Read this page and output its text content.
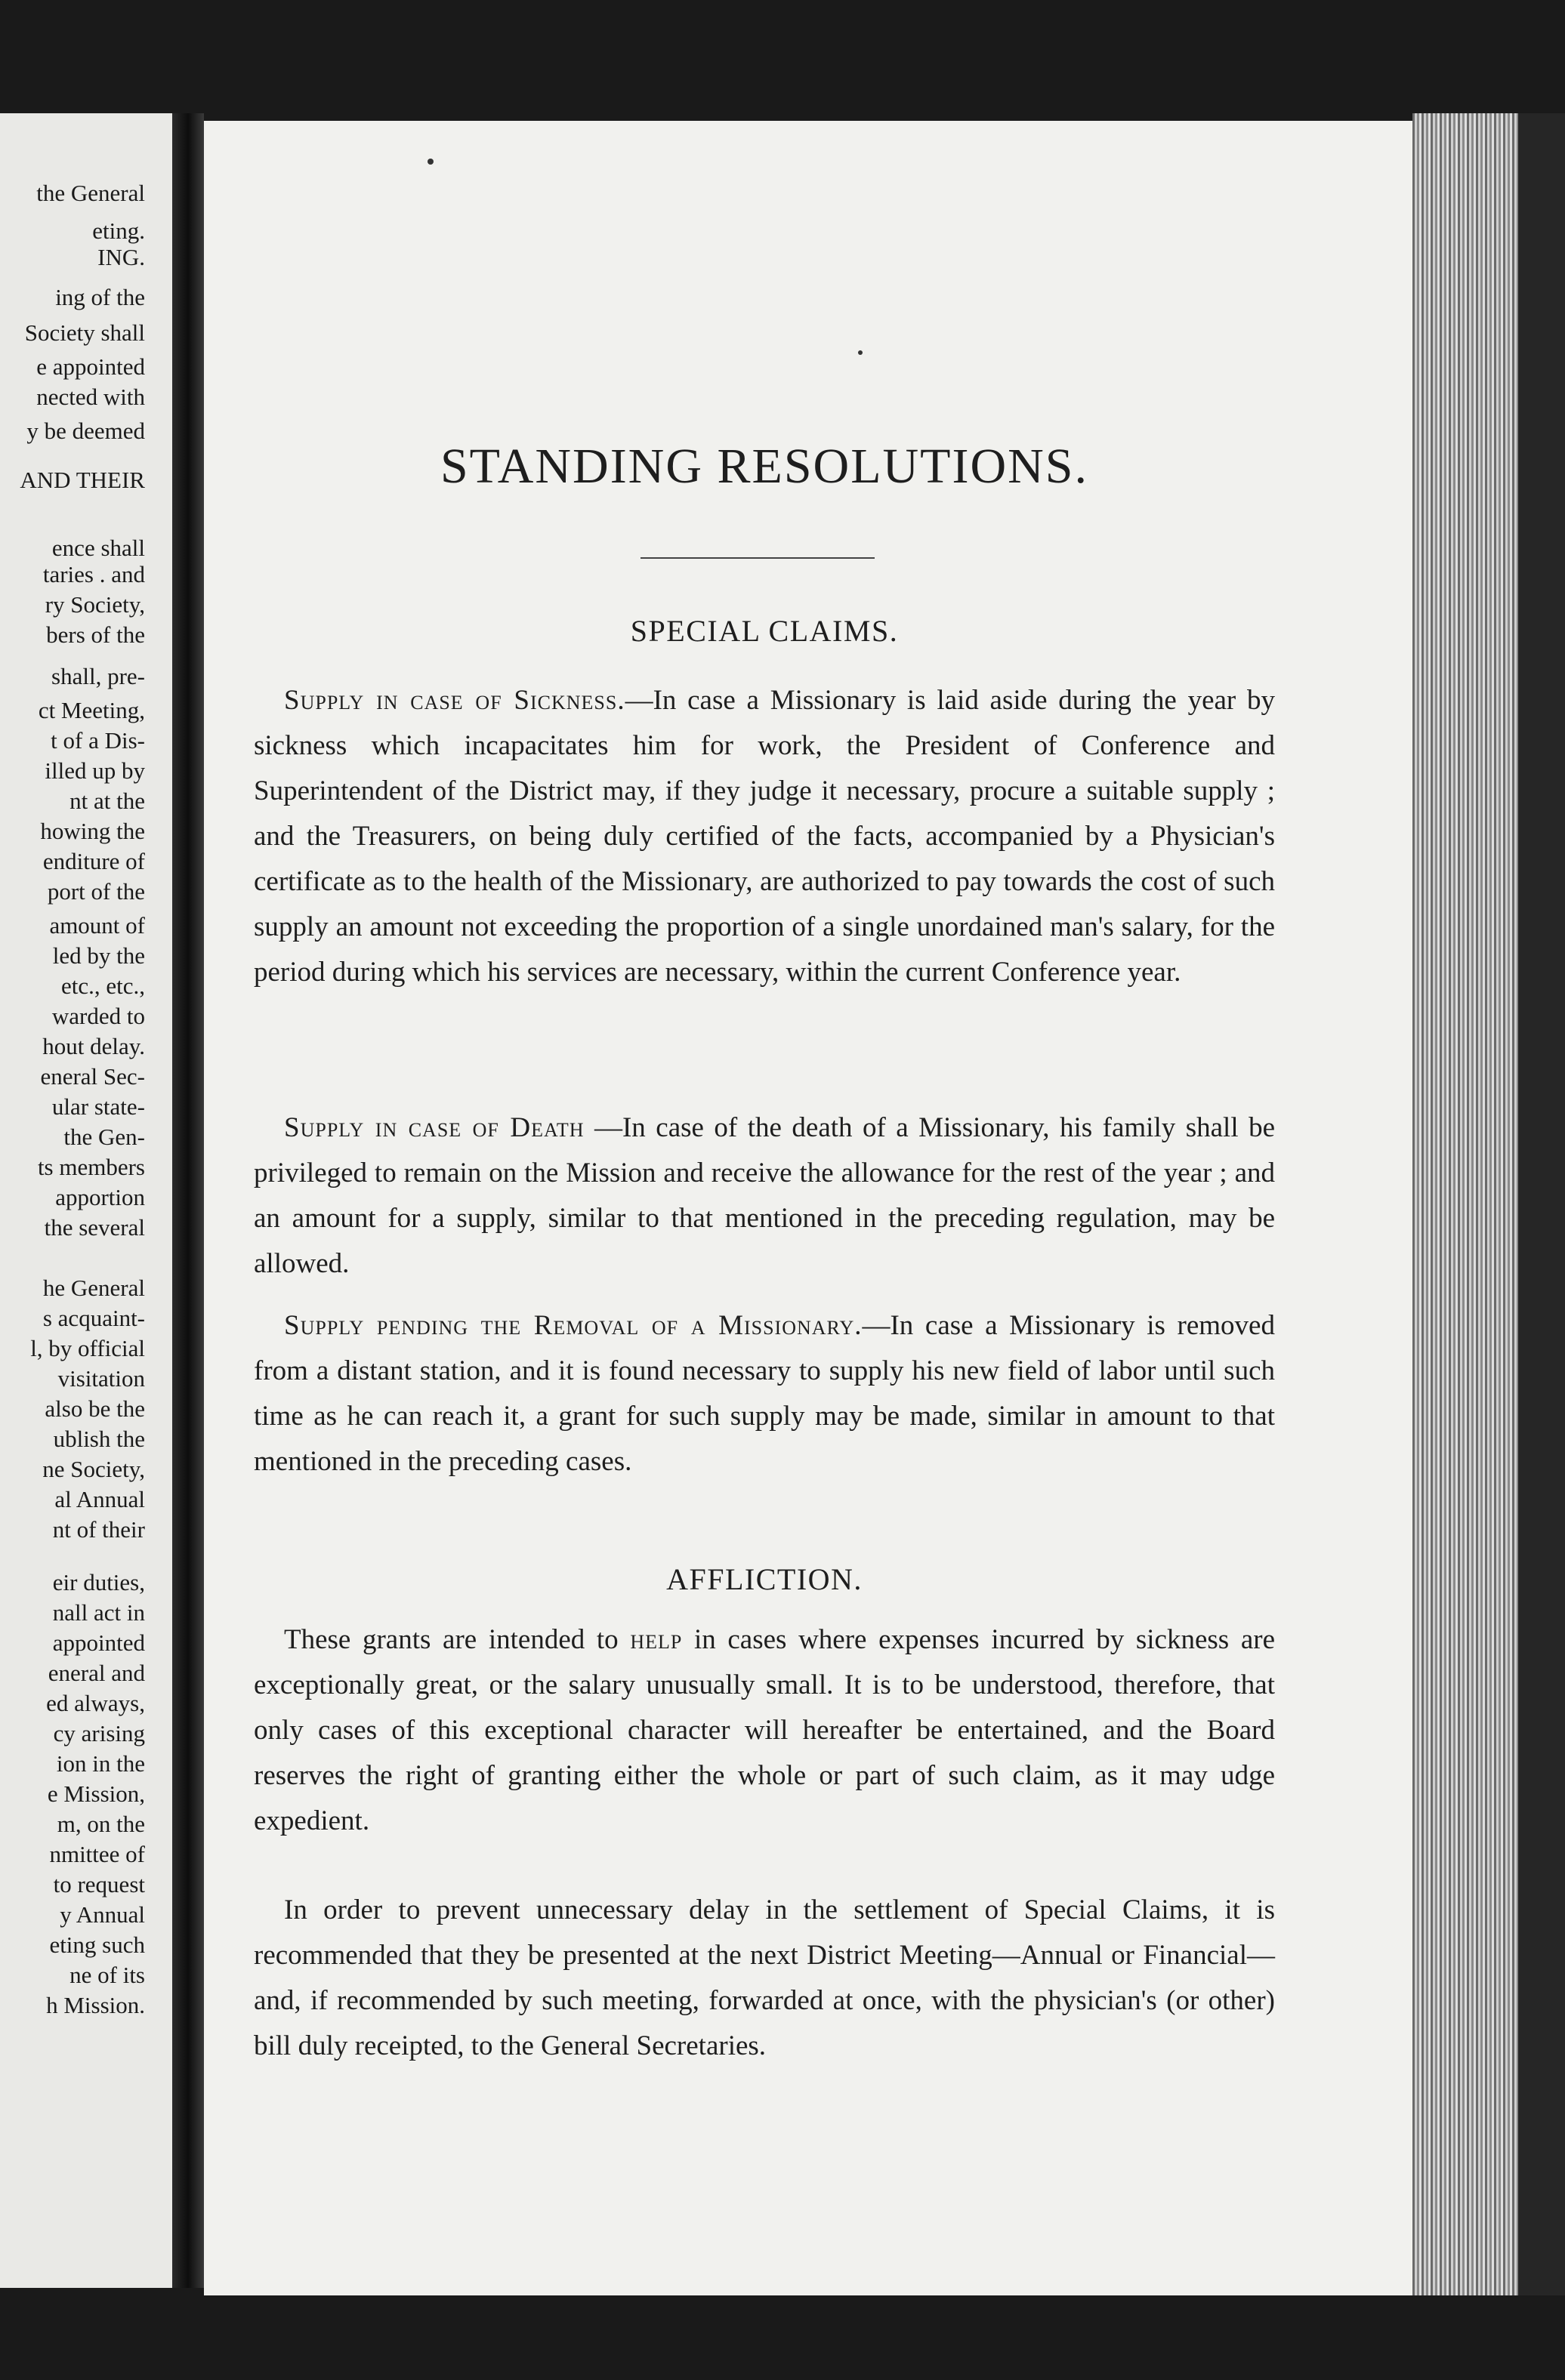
the General
eting.
ING.
ing of the
Society shall
e appointed
nected with
y be deemed
AND THEIR
ence shall
taries . and
ry Society,
bers of the
shall, pre-
ct Meeting,
t of a Dis-
illed up by
nt at the
howing the
enditure of
port of the
amount of
led by the
etc., etc.,
warded to
hout delay.
eneral Sec-
ular state-
the Gen-
ts members
apportion
the several
he General
s acquaint-
l, by official
visitation
also be the
ublish the
ne Society,
al Annual
nt of their
eir duties,
nall act in
appointed
eneral and
ed always,
cy arising
ion in the
e Mission,
m, on the
nmittee of
to request
y Annual
eting such
ne of its
h Mission.
STANDING RESOLUTIONS.
SPECIAL CLAIMS.

Supply in case of Sickness.—In case a Missionary is laid aside during the year by sickness which incapacitates him for work, the President of Conference and Superintendent of the District may, if they judge it necessary, procure a suitable supply ; and the Treasurers, on being duly certified of the facts, accompanied by a Physician's certificate as to the health of the Missionary, are authorized to pay towards the cost of such supply an amount not exceeding the proportion of a single unordained man's salary, for the period during which his services are necessary, within the current Conference year.

Supply in case of Death —In case of the death of a Missionary, his family shall be privileged to remain on the Mission and receive the allowance for the rest of the year ; and an amount for a supply, similar to that mentioned in the preceding regulation, may be allowed.

Supply pending the Removal of a Missionary.—In case a Missionary is removed from a distant station, and it is found necessary to supply his new field of labor until such time as he can reach it, a grant for such supply may be made, similar in amount to that mentioned in the preceding cases.

AFFLICTION.

These grants are intended to help in cases where expenses incurred by sickness are exceptionally great, or the salary unusually small. It is to be understood, therefore, that only cases of this exceptional character will hereafter be entertained, and the Board reserves the right of granting either the whole or part of such claim, as it may udge expedient.

In order to prevent unnecessary delay in the settlement of Special Claims, it is recommended that they be presented at the next District Meeting—Annual or Financial—and, if recommended by such meeting, forwarded at once, with the physician's (or other) bill duly receipted, to the General Secretaries.
